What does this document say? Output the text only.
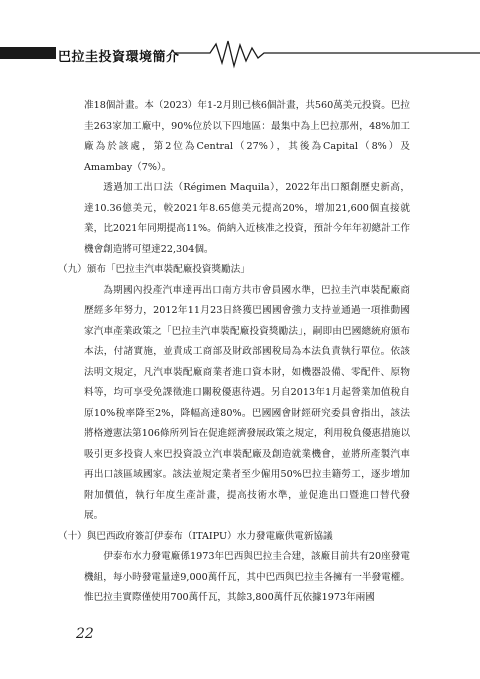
巴拉圭投資環境簡介

准18個計畫。本（2023）年1-2月則已核6個計畫，共560萬美元投資。巴拉圭263家加工廠中，90%位於以下四地區：最集中為上巴拉那州，48%加工廠為於該處，第2位為Central（27%），其後為Capital（8%）及Amambay（7%）。

透過加工出口法（Régimen Maquila），2022年出口額創歷史新高，達10.36億美元，較2021年8.65億美元提高20%，增加21,600個直接就業，比2021年同期提高11%。倘納入近核准之投資，預計今年年初總計工作機會創造將可望達22,304個。

（九）頒布「巴拉圭汽車裝配廠投資獎勵法」

為期國內投產汽車達再出口南方共市會員國水準，巴拉圭汽車裝配廠商歷經多年努力，2012年11月23日終獲巴國國會強力支持並通過一項推動國家汽車產業政策之「巴拉圭汽車裝配廠投資獎勵法」，嗣即由巴國總統府頒布本法，付諸實施，並責成工商部及財政部國稅局為本法負責執行單位。依該法明文規定，凡汽車裝配廠商業者進口資本財，如機器設備、零配件、原物料等，均可享受免課徵進口關稅優惠待遇。另自2013年1月起營業加值稅自原10%稅率降至2%，降幅高達80%。巴國國會財經研究委員會指出，該法將格遵憲法第106條所列旨在促進經濟發展政策之規定，利用稅負優惠措施以吸引更多投資人來巴投資設立汽車裝配廠及創造就業機會，並將所產製汽車再出口該區域國家。該法並規定業者至少僱用50%巴拉圭籍勞工，逐步增加附加價值，執行年度生產計畫，提高技術水準，並促進出口暨進口替代發展。

（十）與巴西政府簽訂伊泰布（ITAIPU）水力發電廠供電新協議

伊泰布水力發電廠係1973年巴西與巴拉圭合建，該廠目前共有20座發電機組，每小時發電量達9,000萬仟瓦，其中巴西與巴拉圭各擁有一半發電權。惟巴拉圭實際僅使用700萬仟瓦，其餘3,800萬仟瓦依據1973年兩國

22
